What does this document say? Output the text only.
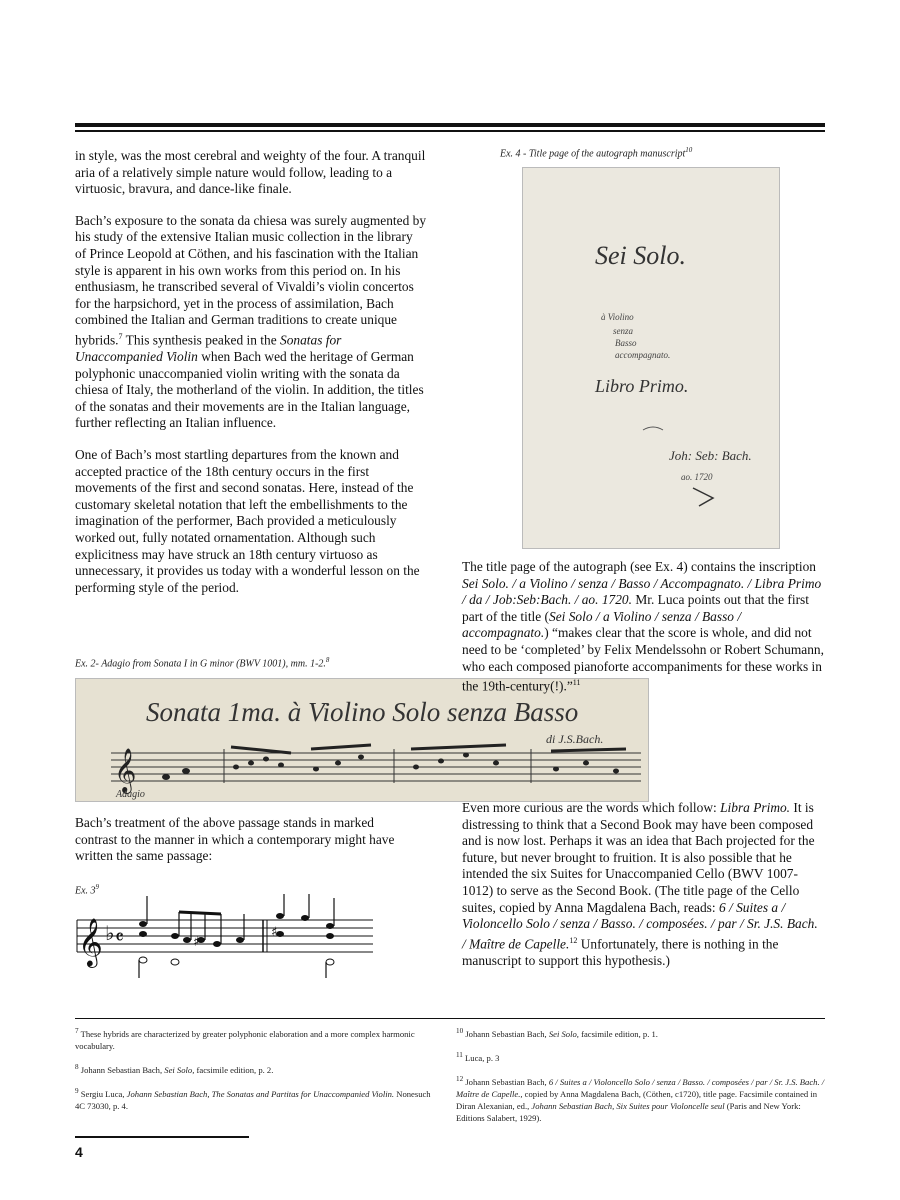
in style, was the most cerebral and weighty of the four. A tranquil aria of a relatively simple nature would follow, leading to a virtuosic, bravura, and dance-like finale.

Bach’s exposure to the sonata da chiesa was surely augmented by his study of the extensive Italian music collection in the library of Prince Leopold at Cöthen, and his fascination with the Italian style is apparent in his own works from this period on. In his enthusiasm, he transcribed several of Vivaldi’s violin concertos for the harpsichord, yet in the process of assimilation, Bach combined the Italian and German traditions to create unique hybrids.$^7$ This synthesis peaked in the Sonatas for Unaccompanied Violin when Bach wed the heritage of German polyphonic unaccompanied violin writing with the sonata da chiesa of Italy, the motherland of the violin. In addition, the titles of the sonatas and their movements are in the Italian language, further reflecting an Italian influence.

One of Bach’s most startling departures from the known and accepted practice of the 18th century occurs in the first movements of the first and second sonatas. Here, instead of the customary skeletal notation that left the embellishments to the imagination of the performer, Bach provided a meticulously worked out, fully notated ornamentation. Although such explicitness may have struck an 18th century virtuoso as unnecessary, it provides us today with a wonderful lesson on the performing style of the period.

Ex. 2- Adagio from Sonata I in G minor (BWV 1001), mm. 1-2.$^8$
Sonata 1ma. à Violino Solo senza Basso
di J.S.Bach.
𝄞
Adagio
Bach’s treatment of the above passage stands in marked contrast to the manner in which a contemporary might have written the same passage:
Ex. $3^9$
𝄞 ♭ 𝄴	♯
♯
Ex. 4 - Title page of the autograph manuscript$^{10}$
Sei Solo.
à Violino
senza
Basso
accompagnato.
Libro Primo.
Joh: Seb: Bach.
ao. 1720
The title page of the autograph (see Ex. 4) contains the inscription Sei Solo. / a Violino / senza / Basso / Accompagnato. / Libra Primo / da / Job:Seb:Bach. / ao. 1720. Mr. Luca points out that the first part of the title (Sei Solo / a Violino / senza / Basso / accompagnato.) “makes clear that the score is whole, and did not need to be ‘completed’ by Felix Mendelssohn or Robert Schumann, who each composed pianoforte accompaniments for these works in the 19th-century(!).”$^{11}$
Even more curious are the words which follow: Libra Primo. It is distressing to think that a Second Book may have been composed and is now lost. Perhaps it was an idea that Bach projected for the future, but never brought to fruition. It is also possible that he intended the six Suites for Unaccompanied Cello (BWV 1007-1012) to serve as the Second Book. (The title page of the Cello suites, copied by Anna Magdalena Bach, reads: 6 / Suites a / Violoncello Solo / senza / Basso. / composées. / par / Sr. J.S. Bach. / Maître de Capelle.$^{12}$ Unfortunately, there is nothing in the manuscript to support this hypothesis.)

$^7$ These hybrids are characterized by greater polyphonic elaboration and a more complex harmonic vocabulary.

$^8$ Johann Sebastian Bach, Sei Solo, facsimile edition, p. 2.

$^9$ Sergiu Luca, Johann Sebastian Bach, The Sonatas and Partitas for Unaccompanied Violin. Nonesuch 4C 73030, p. 4.

$^{10}$ Johann Sebastian Bach, Sei Solo, facsimile edition, p. 1.

$^{11}$ Luca, p. 3

$^{12}$ Johann Sebastian Bach, 6 / Suites a / Violoncello Solo / senza / Basso. / composées / par / Sr. J.S. Bach. / Maître de Capelle., copied by Anna Magdalena Bach, (Cöthen, c1720), title page. Facsimile contained in Diran Alexanian, ed., Johann Sebastian Bach, Six Suites pour Violoncelle seul (Paris and New York: Editions Salabert, 1929).

4
